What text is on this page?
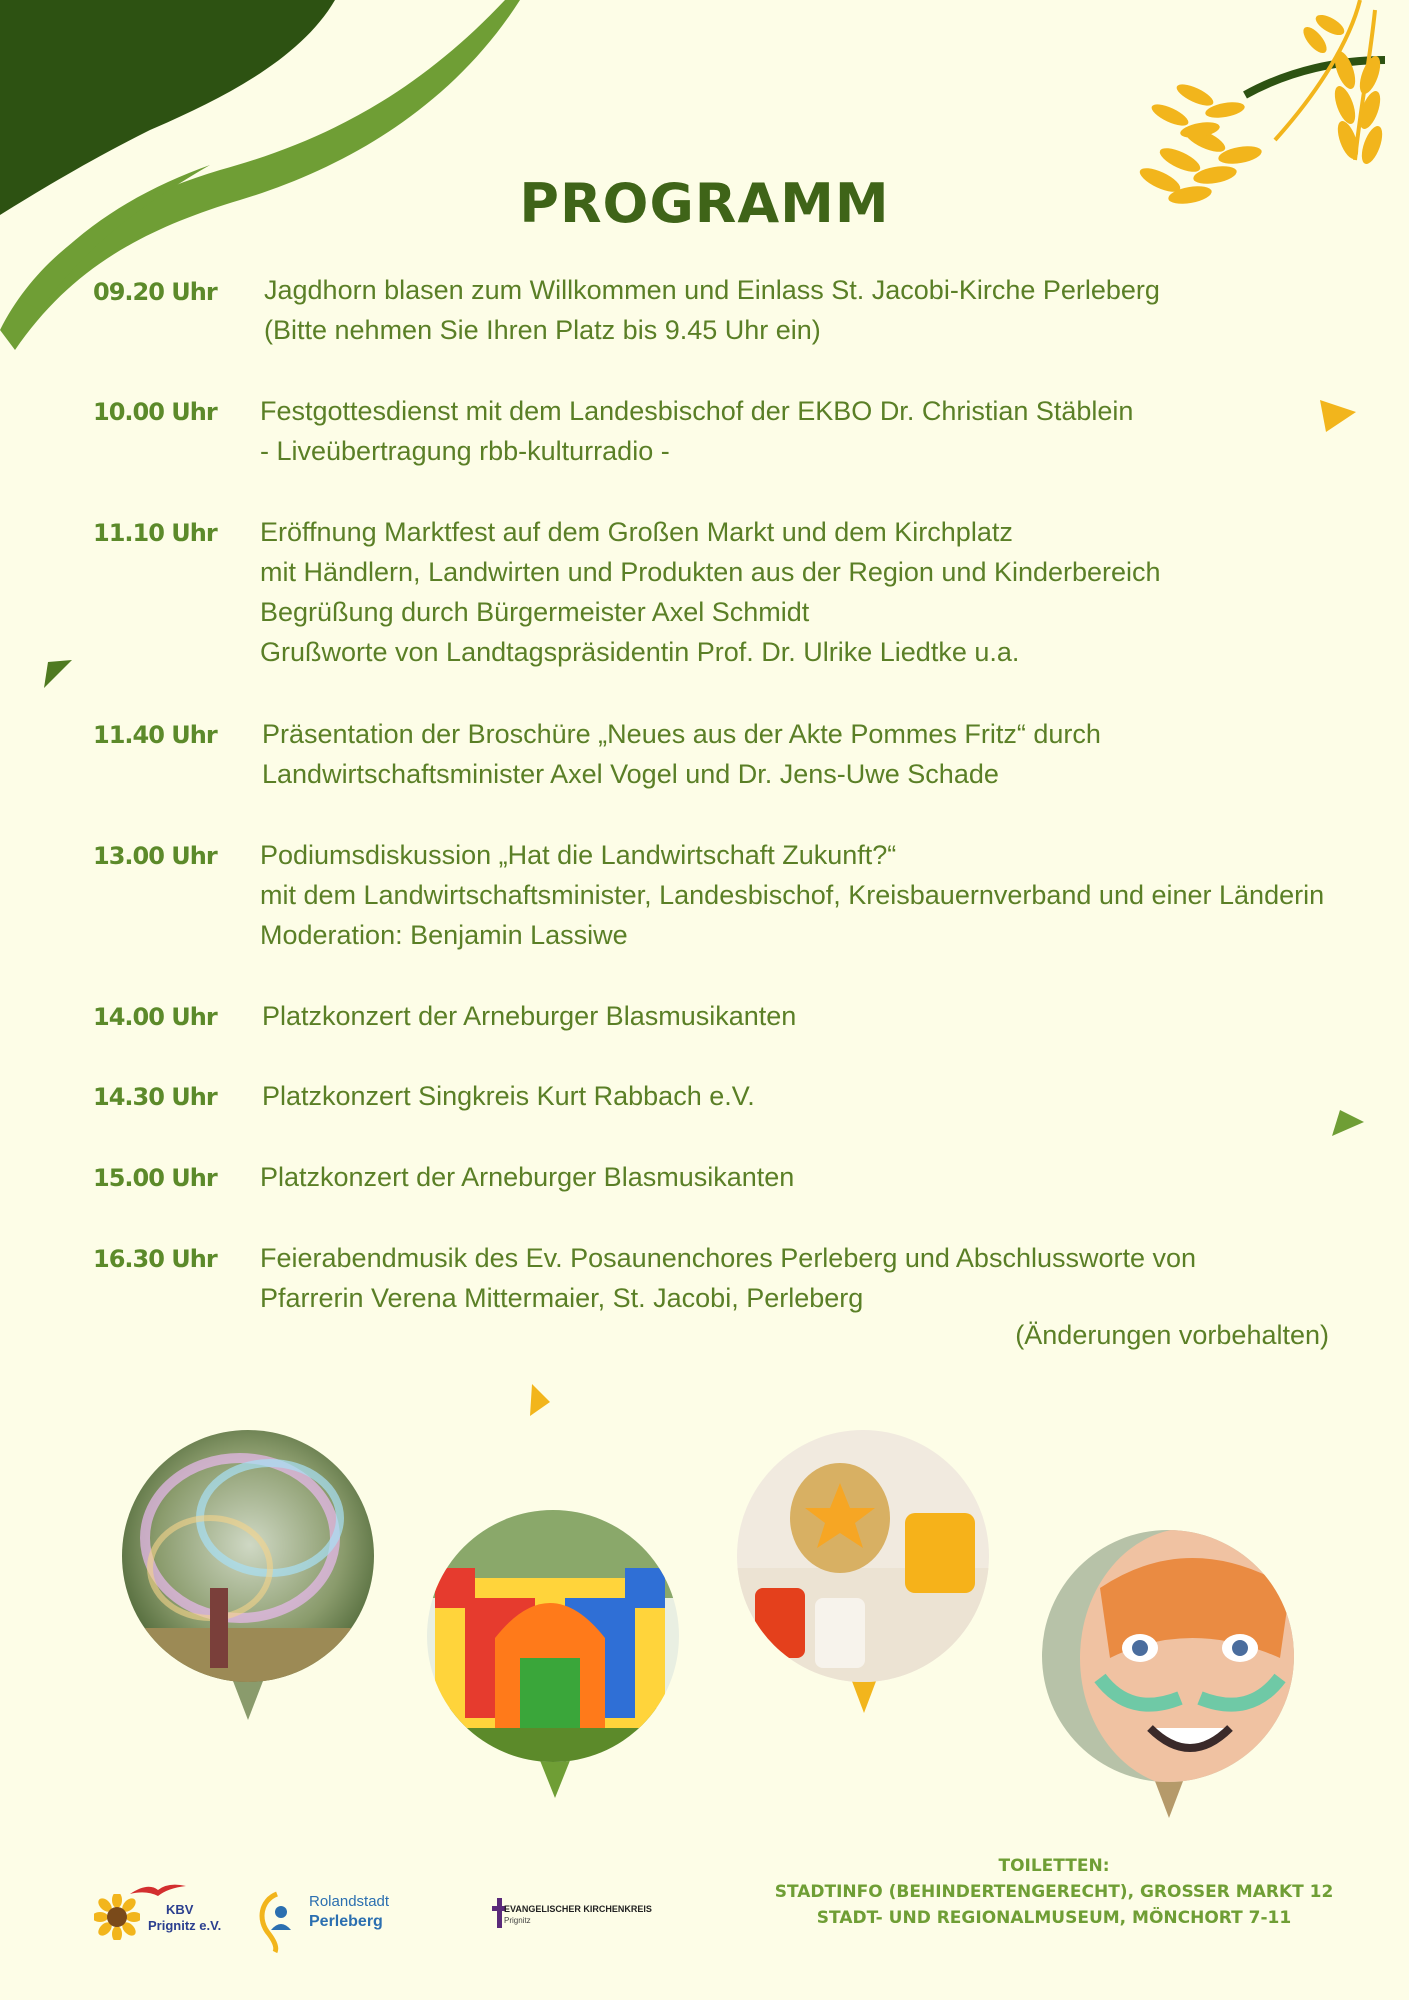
PROGRAMM
09.20 Uhr Jagdhorn blasen zum Willkommen und Einlass St. Jacobi-Kirche Perleberg
(Bitte nehmen Sie Ihren Platz bis 9.45 Uhr ein)
10.00 Uhr Festgottesdienst mit dem Landesbischof der EKBO Dr. Christian Stäblein
- Liveübertragung rbb-kulturradio -
11.10 Uhr Eröffnung Marktfest auf dem Großen Markt und dem Kirchplatz
mit Händlern, Landwirten und Produkten aus der Region und Kinderbereich
Begrüßung durch Bürgermeister Axel Schmidt
Grußworte von Landtagspräsidentin Prof. Dr. Ulrike Liedtke u.a.
11.40 Uhr Präsentation der Broschüre „Neues aus der Akte Pommes Fritz“ durch
Landwirtschaftsminister Axel Vogel und Dr. Jens-Uwe Schade
13.00 Uhr Podiumsdiskussion „Hat die Landwirtschaft Zukunft?“
mit dem Landwirtschaftsminister, Landesbischof, Kreisbauernverband und einer Länderin
Moderation: Benjamin Lassiwe
14.00 Uhr Platzkonzert der Arneburger Blasmusikanten
14.30 Uhr Platzkonzert Singkreis Kurt Rabbach e.V.
15.00 Uhr Platzkonzert der Arneburger Blasmusikanten
16.30 Uhr Feierabendmusik des Ev. Posaunenchores Perleberg und Abschlussworte von
Pfarrerin Verena Mittermaier, St. Jacobi, Perleberg
(Änderungen vorbehalten)
KBV
Prignitz e.V.
Rolandstadt
Perleberg
EVANGELISCHER KIRCHENKREIS
Prignitz
TOILETTEN:
STADTINFO (BEHINDERTENGERECHT), GROSSER MARKT 12
STADT- UND REGIONALMUSEUM, MÖNCHORT 7-11
